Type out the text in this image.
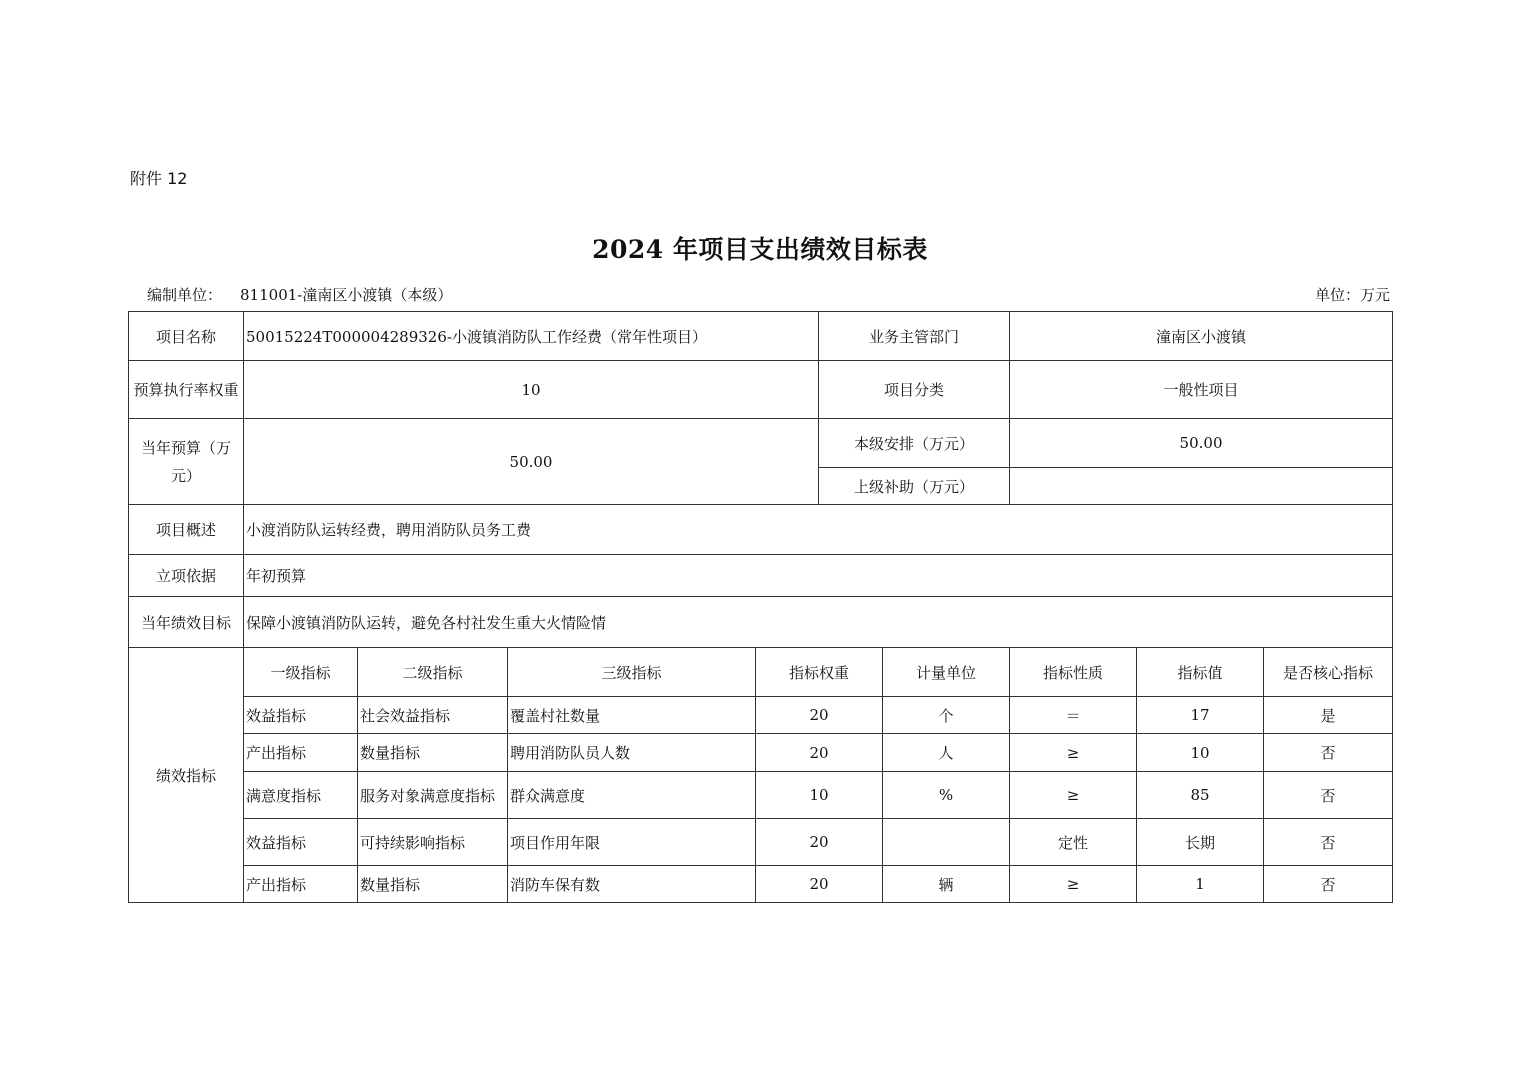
附件 12
2024 年项目支出绩效目标表
编制单位： 811001-潼南区小渡镇（本级）	单位：万元
项目名称	50015224T000004289326-小渡镇消防队工作经费（常年性项目）				业务主管部门		潼南区小渡镇		
预算执行率权重	10				项目分类		一般性项目		
当年预算（万元）	50.00				本级安排（万元）		50.00		
					上级补助（万元）				
项目概述	小渡消防队运转经费，聘用消防队员务工费								
立项依据	年初预算								
当年绩效目标	保障小渡镇消防队运转，避免各村社发生重大火情险情								
绩效指标	一级指标	二级指标	三级指标	指标权重		计量单位	指标性质	指标值	是否核心指标
	效益指标	社会效益指标	覆盖村社数量	20		个	＝	17	是
	产出指标	数量指标	聘用消防队员人数	20		人	≥	10	否
	满意度指标	服务对象满意度指标	群众满意度	10		%	≥	85	否
	效益指标	可持续影响指标	项目作用年限	20			定性	长期	否
	产出指标	数量指标	消防车保有数	20		辆	≥	1	否
